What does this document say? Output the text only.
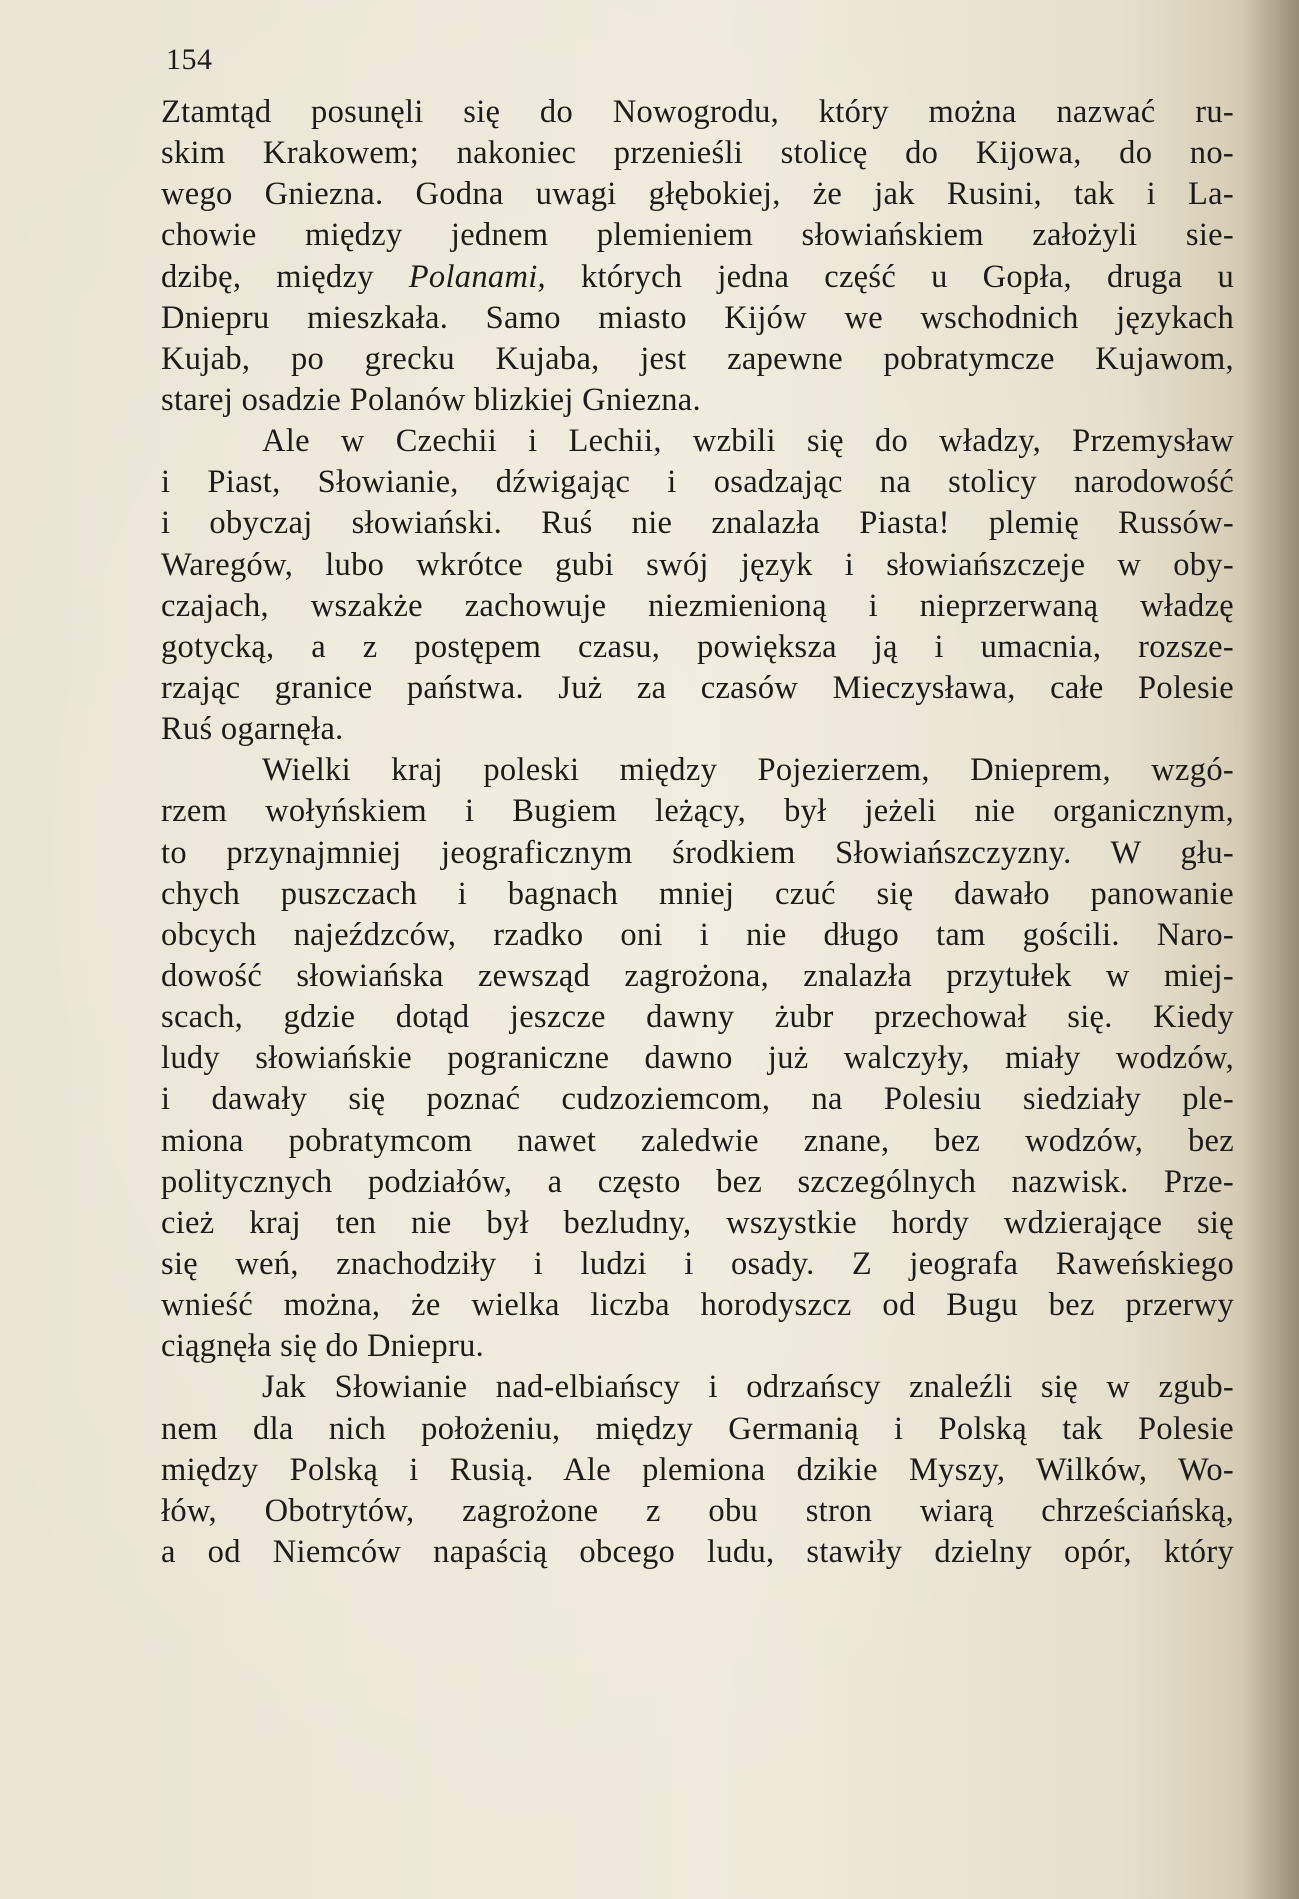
154
Ztamtąd posunęli się do Nowogrodu, który można nazwać ru-
skim Krakowem; nakoniec przenieśli stolicę do Kijowa, do no-
wego Gniezna. Godna uwagi głębokiej, że jak Rusini, tak i La-
chowie między jednem plemieniem słowiańskiem założyli sie-
dzibę, między Polanami, których jedna część u Gopła, druga u
Dniepru mieszkała. Samo miasto Kijów we wschodnich językach
Kujab, po grecku Kujaba, jest zapewne pobratymcze Kujawom,
starej osadzie Polanów blizkiej Gniezna.
Ale w Czechii i Lechii, wzbili się do władzy, Przemysław
i Piast, Słowianie, dźwigając i osadzając na stolicy narodowość
i obyczaj słowiański. Ruś nie znalazła Piasta! plemię Russów-
Waregów, lubo wkrótce gubi swój język i słowiańszczeje w oby-
czajach, wszakże zachowuje niezmienioną i nieprzerwaną władzę
gotycką, a z postępem czasu, powiększa ją i umacnia, rozsze-
rzając granice państwa. Już za czasów Mieczysława, całe Polesie
Ruś ogarnęła.
Wielki kraj poleski między Pojezierzem, Dnieprem, wzgó-
rzem wołyńskiem i Bugiem leżący, był jeżeli nie organicznym,
to przynajmniej jeograficznym środkiem Słowiańszczyzny. W głu-
chych puszczach i bagnach mniej czuć się dawało panowanie
obcych najeźdzców, rzadko oni i nie długo tam gościli. Naro-
dowość słowiańska zewsząd zagrożona, znalazła przytułek w miej-
scach, gdzie dotąd jeszcze dawny żubr przechował się. Kiedy
ludy słowiańskie pograniczne dawno już walczyły, miały wodzów,
i dawały się poznać cudzoziemcom, na Polesiu siedziały ple-
miona pobratymcom nawet zaledwie znane, bez wodzów, bez
politycznych podziałów, a często bez szczególnych nazwisk. Prze-
cież kraj ten nie był bezludny, wszystkie hordy wdzierające się
się weń, znachodziły i ludzi i osady. Z jeografa Raweńskiego
wnieść można, że wielka liczba horodyszcz od Bugu bez przerwy
ciągnęła się do Dniepru.
Jak Słowianie nad-elbiańscy i odrzańscy znaleźli się w zgub-
nem dla nich położeniu, między Germanią i Polską tak Polesie
między Polską i Rusią. Ale plemiona dzikie Myszy, Wilków, Wo-
łów, Obotrytów, zagrożone z obu stron wiarą chrześciańską,
a od Niemców napaścią obcego ludu, stawiły dzielny opór, który
